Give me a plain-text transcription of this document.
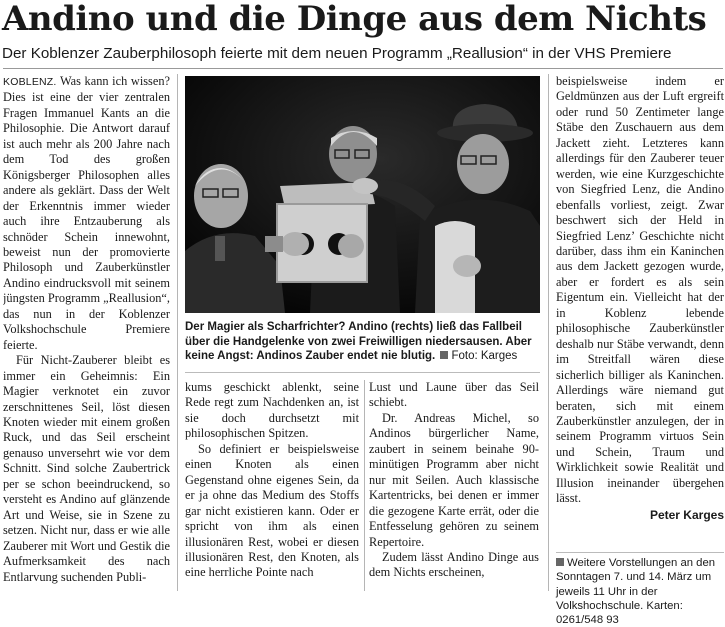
Andino und die Dinge aus dem Nichts
Der Koblenzer Zauberphilosoph feierte mit dem neuen Programm „Reallusion“ in der VHS Premiere

KOBLENZ. Was kann ich wissen? Dies ist eine der vier zentralen Fragen Immanuel Kants an die Philosophie. Die Antwort darauf ist auch mehr als 200 Jahre nach dem Tod des großen Königsberger Philosophen alles andere als geklärt. Dass der Welt der Erkenntnis immer wieder auch ihre Entzauberung als schnöder Schein innewohnt, beweist nun der promovierte Philosoph und Zauberkünstler Andino eindrucksvoll mit seinem jüngsten Programm „Reallusion“, das nun in der Koblenzer Volkshochschule Premiere feierte.

Für Nicht-Zauberer bleibt es immer ein Geheimnis: Ein Magier verknotet ein zuvor zerschnittenes Seil, löst diesen Knoten wieder mit einem großen Ruck, und das Seil erscheint genauso unversehrt wie vor dem Schnitt. Sind solche Zaubertrick per se schon beeindruckend, so versteht es Andino auf glänzende Art und Weise, sie in Szene zu setzen. Nicht nur, dass er wie alle Zauberer mit Wort und Gestik die Aufmerksamkeit des nach Entlarvung suchenden Publi-

Der Magier als Scharfrichter? Andino (rechts) ließ das Fallbeil über die Handgelenke von zwei Freiwilligen niedersausen. Aber keine Angst: Andinos Zauber endet nie blutig. Foto: Karges

kums geschickt ablenkt, seine Rede regt zum Nachdenken an, ist sie doch durchsetzt mit philosophischen Spitzen.

So definiert er beispielsweise einen Knoten als einen Gegenstand ohne eigenes Sein, da er ja ohne das Medium des Stoffs gar nicht existieren kann. Oder er spricht von ihm als einen illusionären Rest, wobei er diesen illusionären Rest, den Knoten, als eine herrliche Pointe nach

Lust und Laune über das Seil schiebt.

Dr. Andreas Michel, so Andinos bürgerlicher Name, zaubert in seinem beinahe 90-minütigen Programm aber nicht nur mit Seilen. Auch klassische Kartentricks, bei denen er immer die gezogene Karte errät, oder die Entfesselung gehören zu seinem Repertoire.

Zudem lässt Andino Dinge aus dem Nichts erscheinen,

beispielsweise indem er Geldmünzen aus der Luft ergreift oder rund 50 Zentimeter lange Stäbe den Zuschauern aus dem Jackett zieht. Letzteres kann allerdings für den Zauberer teuer werden, wie eine Kurzgeschichte von Siegfried Lenz, die Andino ebenfalls vorliest, zeigt. Zwar beschwert sich der Held in Siegfried Lenz’ Geschichte nicht darüber, dass ihm ein Kaninchen aus dem Jackett gezogen wurde, aber er fordert es als sein Eigentum ein. Vielleicht hat der in Koblenz lebende philosophische Zauberkünstler deshalb nur Stäbe verwandt, denn im Streitfall wären diese sicherlich billiger als Kaninchen. Allerdings wäre niemand gut beraten, sich mit einem Zauberkünstler anzulegen, der in seinem Programm virtuos Sein und Schein, Traum und Wirklichkeit sowie Realität und Illusion ineinander übergehen lässt.

Peter Karges
Weitere Vorstellungen an den Sonntagen 7. und 14. März um jeweils 11 Uhr in der Volkshochschule. Karten: 0261/548 93
